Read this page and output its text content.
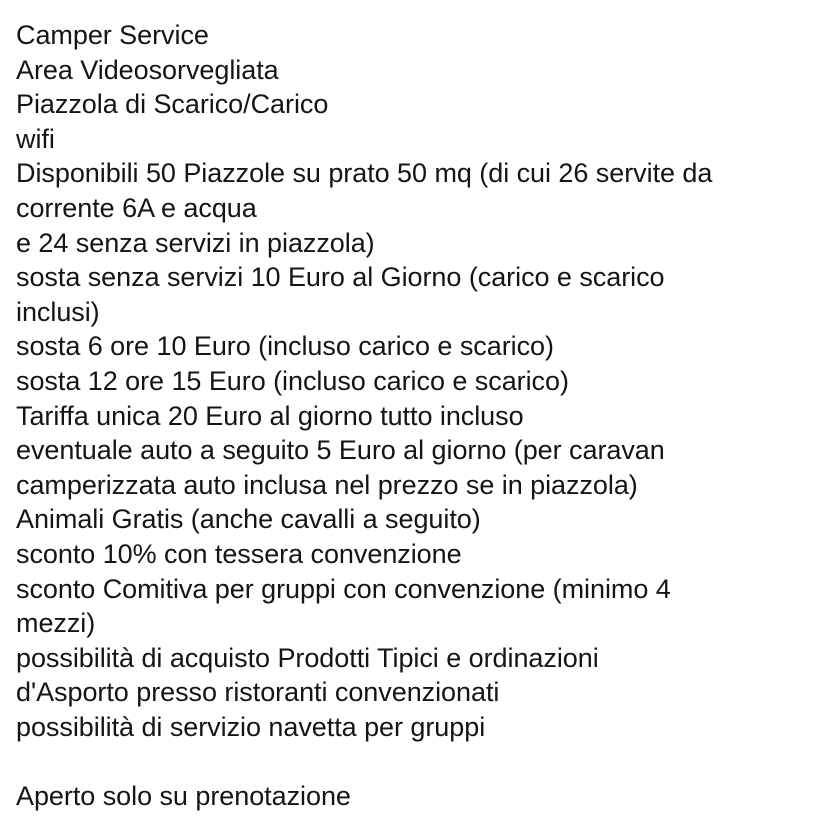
Camper Service
Area Videosorvegliata
Piazzola di Scarico/Carico
wifi
Disponibili 50 Piazzole su prato 50 mq (di cui 26 servite da
corrente 6A e acqua
e 24 senza servizi in piazzola)
sosta senza servizi 10 Euro al Giorno (carico e scarico
inclusi)
sosta 6 ore 10 Euro (incluso carico e scarico)
sosta 12 ore 15 Euro (incluso carico e scarico)
Tariffa unica 20 Euro al giorno tutto incluso
eventuale auto a seguito 5 Euro al giorno (per caravan
camperizzata auto inclusa nel prezzo se in piazzola)
Animali Gratis (anche cavalli a seguito)
sconto 10% con tessera convenzione
sconto Comitiva per gruppi con convenzione (minimo 4
mezzi)
possibilità di acquisto Prodotti Tipici e ordinazioni
d'Asporto presso ristoranti convenzionati
possibilità di servizio navetta per gruppi
Aperto solo su prenotazione
